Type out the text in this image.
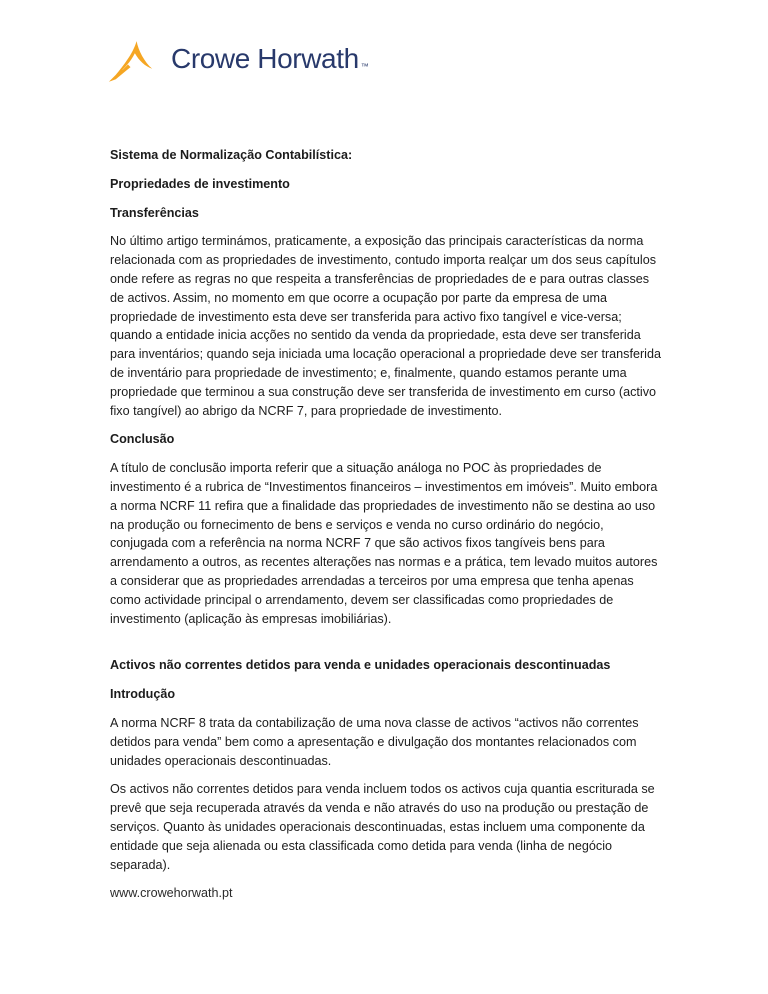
Crowe Horwath ™

Sistema de Normalização Contabilística:

Propriedades de investimento

Transferências

No último artigo terminámos, praticamente, a exposição das principais características da norma relacionada com as propriedades de investimento, contudo importa realçar um dos seus capítulos onde refere as regras no que respeita a transferências de propriedades de e para outras classes de activos. Assim, no momento em que ocorre a ocupação por parte da empresa de uma propriedade de investimento esta deve ser transferida para activo fixo tangível e vice-versa; quando a entidade inicia acções no sentido da venda da propriedade, esta deve ser transferida para inventários; quando seja iniciada uma locação operacional a propriedade deve ser transferida de inventário para propriedade de investimento; e, finalmente, quando estamos perante uma propriedade que terminou a sua construção deve ser transferida de investimento em curso (activo fixo tangível) ao abrigo da NCRF 7, para propriedade de investimento.

Conclusão

A título de conclusão importa referir que a situação análoga no POC às propriedades de investimento é a rubrica de “Investimentos financeiros – investimentos em imóveis”. Muito embora a norma NCRF 11 refira que a finalidade das propriedades de investimento não se destina ao uso na produção ou fornecimento de bens e serviços e venda no curso ordinário do negócio, conjugada com a referência na norma NCRF 7 que são activos fixos tangíveis bens para arrendamento a outros, as recentes alterações nas normas e a prática, tem levado muitos autores a considerar que as propriedades arrendadas a terceiros por uma empresa que tenha apenas como actividade principal o arrendamento, devem ser classificadas como propriedades de investimento (aplicação às empresas imobiliárias).

Activos não correntes detidos para venda e unidades operacionais descontinuadas

Introdução

A norma NCRF 8 trata da contabilização de uma nova classe de activos “activos não correntes detidos para venda” bem como a apresentação e divulgação dos montantes relacionados com unidades operacionais descontinuadas.

Os activos não correntes detidos para venda incluem todos os activos cuja quantia escriturada se prevê que seja recuperada através da venda e não através do uso na produção ou prestação de serviços. Quanto às unidades operacionais descontinuadas, estas incluem uma componente da entidade que seja alienada ou esta classificada como detida para venda (linha de negócio separada).

www.crowehorwath.pt
